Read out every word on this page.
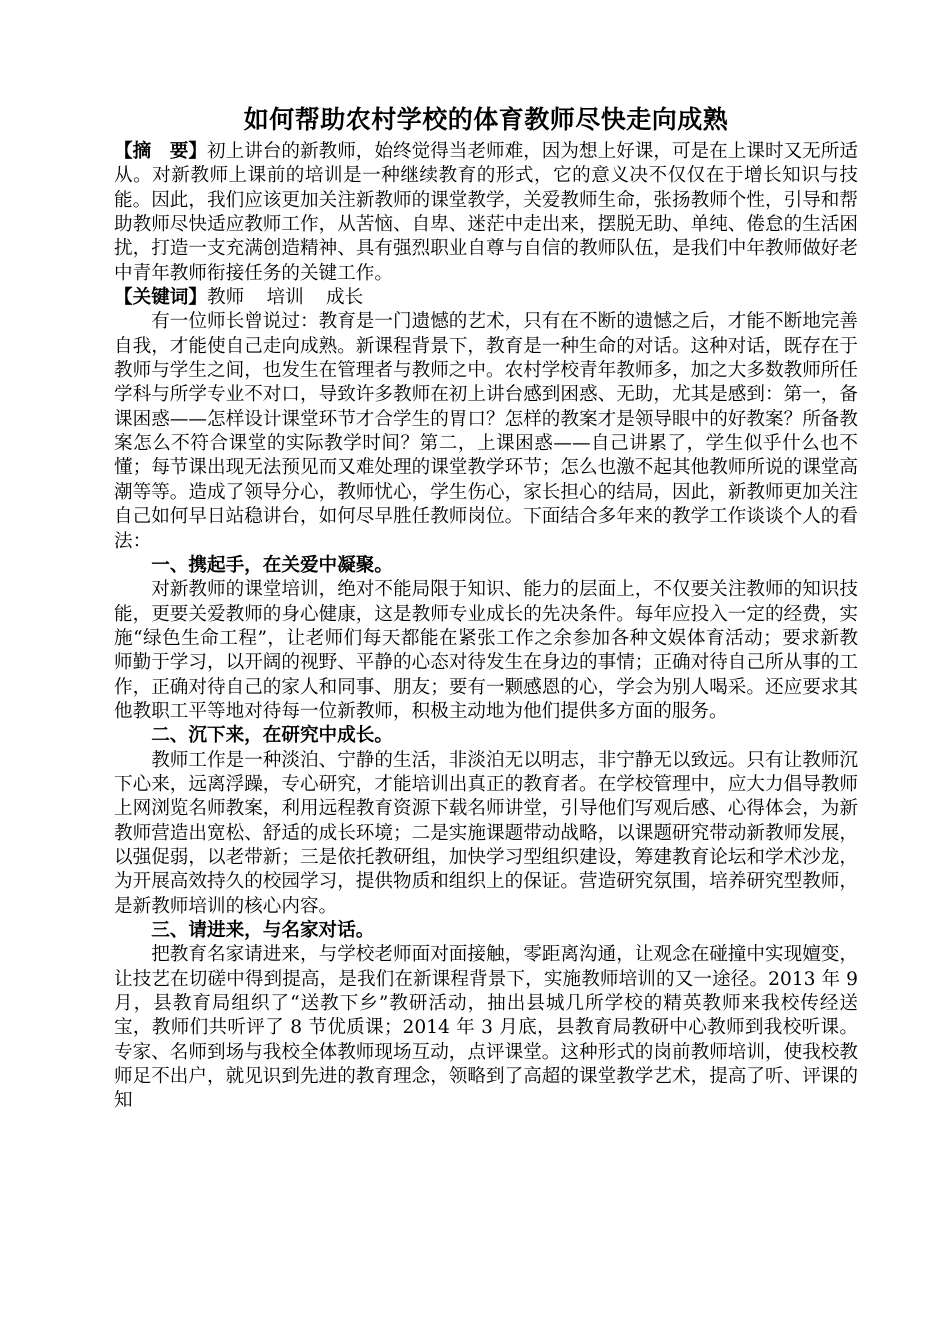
如何帮助农村学校的体育教师尽快走向成熟

【摘　要】初上讲台的新教师，始终觉得当老师难，因为想上好课，可是在上课时又无所适从。对新教师上课前的培训是一种继续教育的形式，它的意义决不仅仅在于增长知识与技能。因此，我们应该更加关注新教师的课堂教学，关爱教师生命，张扬教师个性，引导和帮助教师尽快适应教师工作，从苦恼、自卑、迷茫中走出来，摆脱无助、单纯、倦怠的生活困扰，打造一支充满创造精神、具有强烈职业自尊与自信的教师队伍，是我们中年教师做好老中青年教师衔接任务的关键工作。

【关键词】教师 培训 成长

有一位师长曾说过：教育是一门遗憾的艺术，只有在不断的遗憾之后，才能不断地完善自我，才能使自己走向成熟。新课程背景下，教育是一种生命的对话。这种对话，既存在于教师与学生之间，也发生在管理者与教师之中。农村学校青年教师多，加之大多数教师所任学科与所学专业不对口，导致许多教师在初上讲台感到困惑、无助，尤其是感到：第一，备课困惑——怎样设计课堂环节才合学生的胃口？怎样的教案才是领导眼中的好教案？所备教案怎么不符合课堂的实际教学时间？第二，上课困惑——自己讲累了，学生似乎什么也不懂；每节课出现无法预见而又难处理的课堂教学环节；怎么也激不起其他教师所说的课堂高潮等等。造成了领导分心，教师忧心，学生伤心，家长担心的结局，因此，新教师更加关注自己如何早日站稳讲台，如何尽早胜任教师岗位。下面结合多年来的教学工作谈谈个人的看法：

一、携起手，在关爱中凝聚。

对新教师的课堂培训，绝对不能局限于知识、能力的层面上，不仅要关注教师的知识技能，更要关爱教师的身心健康，这是教师专业成长的先决条件。每年应投入一定的经费，实施“绿色生命工程”，让老师们每天都能在紧张工作之余参加各种文娱体育活动；要求新教师勤于学习，以开阔的视野、平静的心态对待发生在身边的事情；正确对待自己所从事的工作，正确对待自己的家人和同事、朋友；要有一颗感恩的心，学会为别人喝采。还应要求其他教职工平等地对待每一位新教师，积极主动地为他们提供多方面的服务。

二、沉下来，在研究中成长。

教师工作是一种淡泊、宁静的生活，非淡泊无以明志，非宁静无以致远。只有让教师沉下心来，远离浮躁，专心研究，才能培训出真正的教育者。在学校管理中，应大力倡导教师上网浏览名师教案，利用远程教育资源下载名师讲堂，引导他们写观后感、心得体会，为新教师营造出宽松、舒适的成长环境；二是实施课题带动战略，以课题研究带动新教师发展，以强促弱，以老带新；三是依托教研组，加快学习型组织建设，筹建教育论坛和学术沙龙，为开展高效持久的校园学习，提供物质和组织上的保证。营造研究氛围，培养研究型教师，是新教师培训的核心内容。

三、请进来，与名家对话。

把教育名家请进来，与学校老师面对面接触，零距离沟通，让观念在碰撞中实现嬗变，让技艺在切磋中得到提高，是我们在新课程背景下，实施教师培训的又一途径。2013 年 9 月，县教育局组织了“送教下乡”教研活动，抽出县城几所学校的精英教师来我校传经送宝，教师们共听评了 8 节优质课；2014 年 3 月底，县教育局教研中心教师到我校听课。专家、名师到场与我校全体教师现场互动，点评课堂。这种形式的岗前教师培训，使我校教师足不出户，就见识到先进的教育理念，领略到了高超的课堂教学艺术，提高了听、评课的知
